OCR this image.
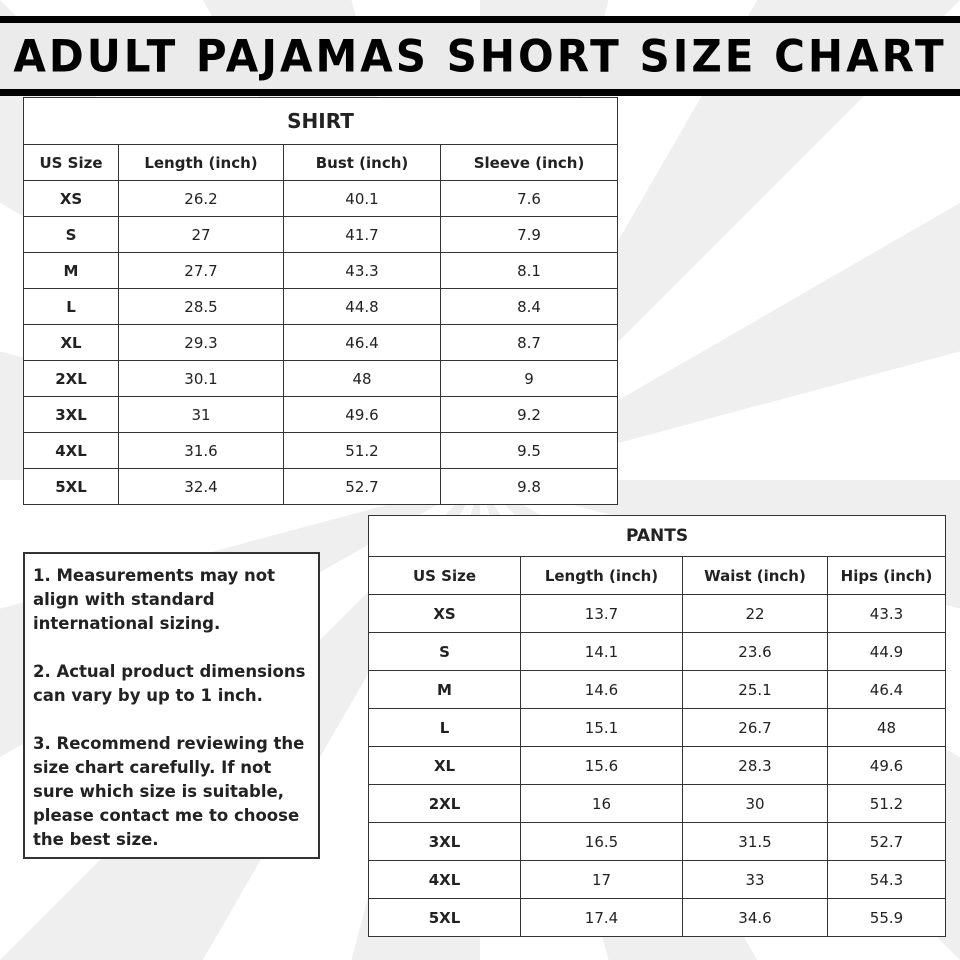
ADULT PAJAMAS SHORT SIZE CHART
SHIRT			
US Size	Length (inch)	Bust (inch)	Sleeve (inch)
XS	26.2	40.1	7.6
S	27	41.7	7.9
M	27.7	43.3	8.1
L	28.5	44.8	8.4
XL	29.3	46.4	8.7
2XL	30.1	48	9
3XL	31	49.6	9.2
4XL	31.6	51.2	9.5
5XL	32.4	52.7	9.8

1. Measurements may not align with standard international sizing.

2. Actual product dimensions can vary by up to 1 inch.

3. Recommend reviewing the size chart carefully. If not sure which size is suitable, please contact me to choose the best size.

PANTS			
US Size	Length (inch)	Waist (inch)	Hips (inch)
XS	13.7	22	43.3
S	14.1	23.6	44.9
M	14.6	25.1	46.4
L	15.1	26.7	48
XL	15.6	28.3	49.6
2XL	16	30	51.2
3XL	16.5	31.5	52.7
4XL	17	33	54.3
5XL	17.4	34.6	55.9
